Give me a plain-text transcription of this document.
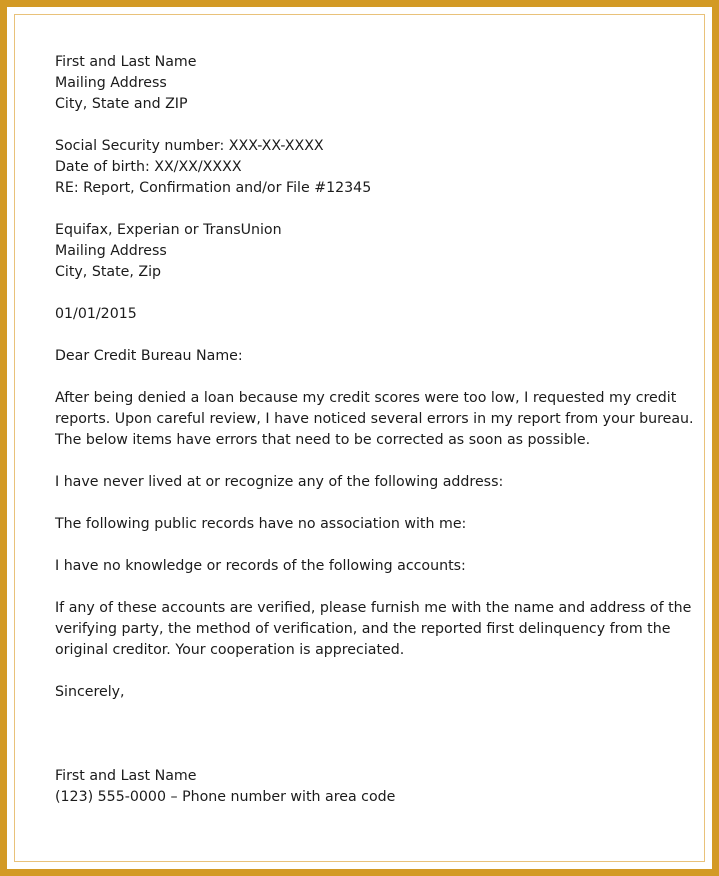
First and Last Name
Mailing Address
City, State and ZIP
Social Security number: XXX-XX-XXXX
Date of birth: XX/XX/XXXX
RE: Report, Confirmation and/or File #12345
Equifax, Experian or TransUnion
Mailing Address
City, State, Zip
01/01/2015
Dear Credit Bureau Name:
After being denied a loan because my credit scores were too low, I requested my credit reports. Upon careful review, I have noticed several errors in my report from your bureau. The below items have errors that need to be corrected as soon as possible.
I have never lived at or recognize any of the following address:
The following public records have no association with me:
I have no knowledge or records of the following accounts:
If any of these accounts are verified, please furnish me with the name and address of the verifying party, the method of verification, and the reported first delinquency from the original creditor. Your cooperation is appreciated.
Sincerely,
First and Last Name
(123) 555-0000 – Phone number with area code
